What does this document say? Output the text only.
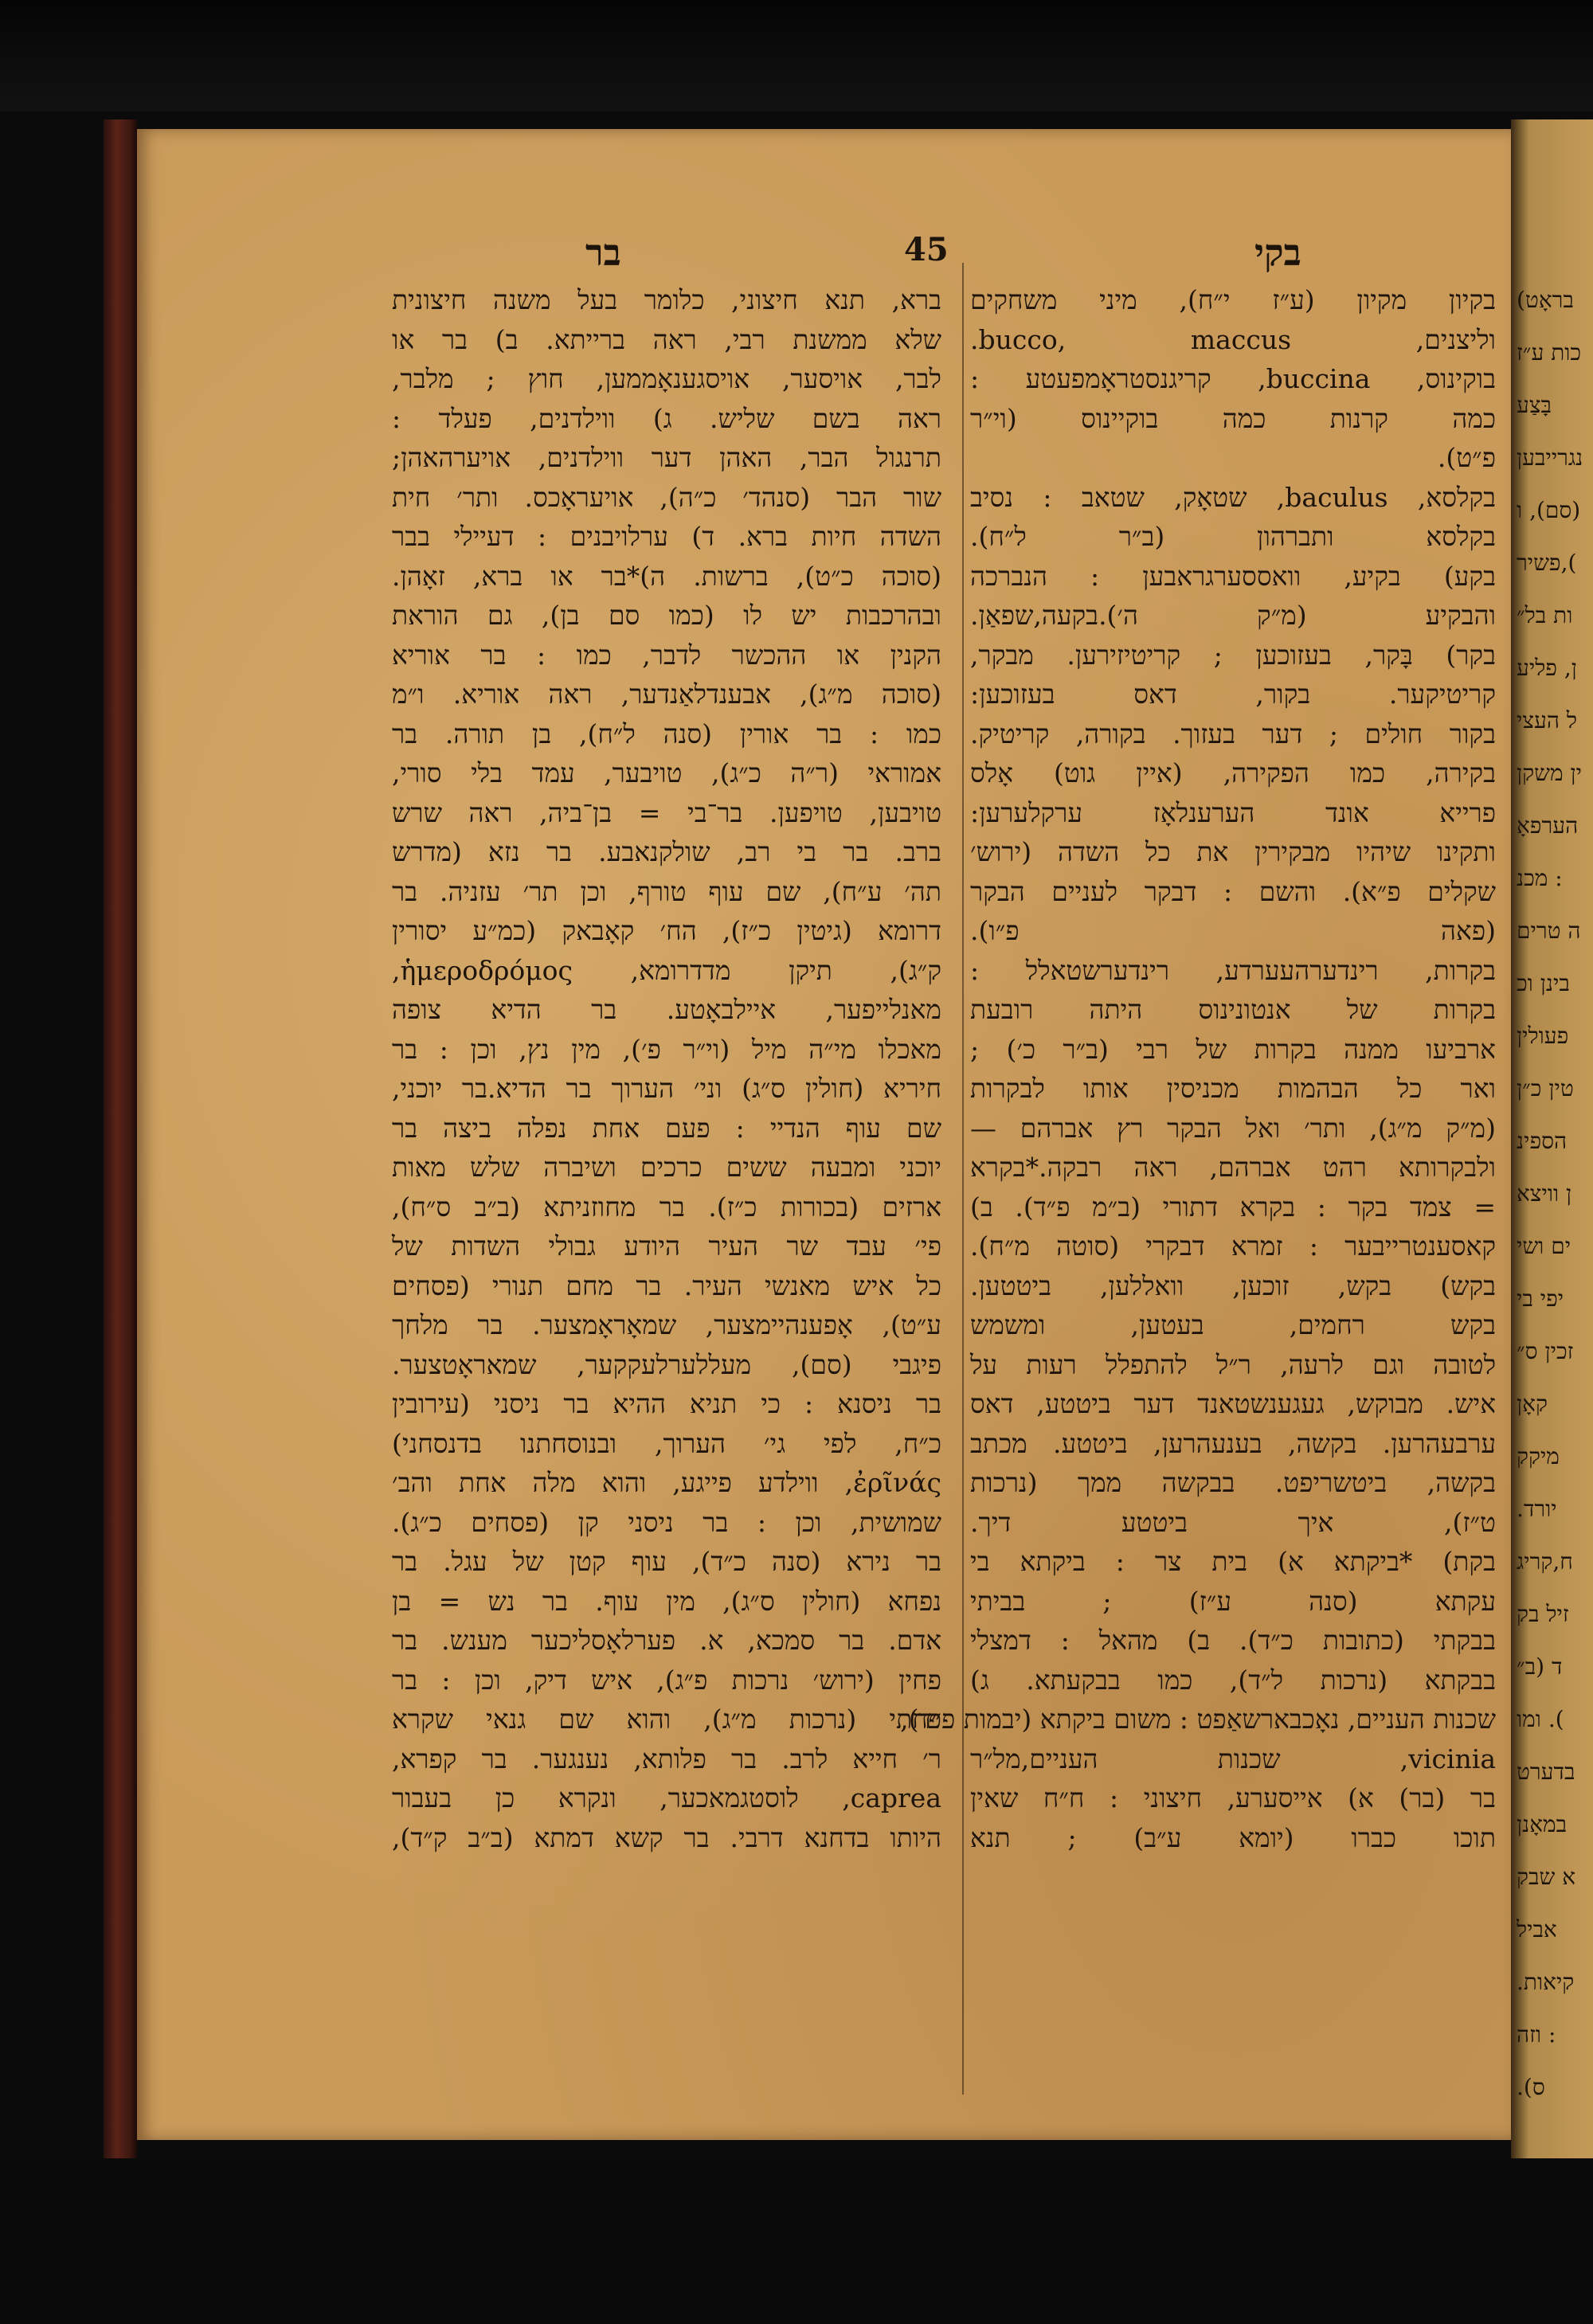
בר	45	בקי
ברא, תנא חיצוני, כלומר בעל משנה חיצונית
שלא ממשנת רבי, ראה ברייתא. ב) בר או
לבר, אויסער, אויסגענאָממען, חוץ ; מלבר,
ראה בשם שליש. ג) ווילדנים, פעלד :
תרנגול הבר, האהן דער ווילדנים, אויערהאהן;
שור הבר (סנהד׳ כ״ה), אויעראָכס. ותר׳ חית
השדה חיות ברא. ד) ערלויבנים : דעיילי בבר
(סוכה כ״ט), ברשות. ה)*בר או ברא, זאָהן.
ובהרכבות יש לו (כמו סם בן), גם הוראת
הקנין או ההכשר לדבר, כמו : בר אוריא
(סוכה מ״ג), אבענדלאַנדער, ראה אוריא. ו״מ
כמו : בר אורין (סנה ל״ח), בן תורה. בר
אמוראי (ר״ה כ״ג), טויבער, עמד בלי סורי,
טויבען, טויפען. בר־בי = בן־ביה, ראה שרש
ברב. בר בי רב, שולקנאבע. בר נזא (מדרש
תה׳ ע״ח), שם עוף טורף, וכן תר׳ עזניה. בר
דרומא (גיטין כ״ז), הח׳ קאָבאק (כמ״ע יסורין
ק״ג), תיקן מדדרומא, ἡμεροδρόμος,
מאנלייפער, איילבאָטע. בר הדיא צופה
מאכלו מי״ה מיל (וי״ר פ׳), מין נץ, וכן : בר
חיריא (חולין ס״ג) וני׳ הערוך בר הדיא.בר יוכני,
שם עוף הנדיי : פעם אחת נפלה ביצה בר
יוכני ומבעה ששים כרכים ושיברה שלש מאות
ארזים (בכורות כ״ז). בר מחוזניתא (ב״ב ס״ח),
פי׳ עבד שר העיר היודע גבולי השדות של
כל איש מאנשי העיר. בר מחם תנורי (פסחים
ע״ט), אָפענהיימצער, שמאָראָמצער. בר מלחך
פיגבי (סם), מעללערלעקקער, שמאראָטצער.
בר ניסנא : כי תניא ההיא בר ניסני (עירובין
כ״ח, לפי גי׳ הערוך, ובנוסחתנו בדנסחני)
ἐρῖνάς, ווילדע פייגע, והוא מלה אחת והב׳
שמושית, וכן : בר ניסני קן (פסחים כ״ג).
בר נירא (סנה כ״ד), עוף קטן של עגל. בר
נפחא (חולין ס״ג), מין עוף. בר נש = בן
אדם. בר סמכא, א. פערלאָסליכער מענש. בר
פחין (ירוש׳ נרכות פ״ג), איש דיק, וכן : בר
פחתי (נרכות מ״ג), והוא שם גנאי שקרא
ר׳ חייא לרב. בר פלותא, נענגער. בר קפרא,
caprea, לוסטגמאכער, ונקרא כן בעבור
היותו בדחנא דרבי. בר קשא דמתא (ב״ב ק״ד),
בקיון מקיון (ע״ז י״ח), מיני משחקים
וליצנים, bucco, maccus.
בוקינוס, buccina, קריגנסטראָמפעטע :
כמה קרנות כמה בוקיינוס (וי״ר
פ״ט).
בקלסא, baculus, שטאָק, שטאב : נסיב
בקלסא ותברהון (ב״ר ל״ח).
בקע) בקיע, וואססערגראבען : הנברכה
והבקיע (מ״ק ה׳).בקעה,שפאַן.
בקר) בָּקר, בעזוכען ; קריטיזירען. מבקר,
קריטיקער. בקור, דאס בעזוכען:
בקור חולים ; דער בעזוך. בקורה, קריטיק.
בקירה, כמו הפקירה, (איין גוט) אָלס
פרייא אונד הערענלאָז ערקלערען:
ותקינו שיהיו מבקירין את כל השדה (ירוש׳
שקלים פ״א). והשם : דבקר לעניים הבקר
(פאה פ״ו).
בקרות, רינדערהעערדע, רינדערשטאלל :
בקרות של אנטונינוס היתה רובעת
ארביעו ממנה בקרות של רבי (ב״ר כ׳) ;
ואר כל הבהמות מכניסין אותו לבקרות
(מ״ק מ״ג), ותר׳ ואל הבקר רץ אברהם —
ולבקרותא רהט אברהם, ראה רבקה.*בקרא
= צמד בקר : בקרא דתורי (ב״מ פ״ד). ב)
קאסענטרייבער : זמרא דבקרי (סוטה מ״ח).
בקש) בקש, זוכען, וואללען, ביטטען.
בקש רחמים, בעטען, ומשמש
לטובה וגם לרעה, ר״ל להתפלל רעות על
איש. מבוקש, געגענשטאנד דער ביטטע, דאס
ערבעהרען. בקשה, בענעהרען, ביטטע. מכתב
בקשה, ביטשריפט. בבקשה ממך (נרכות
ט״ז), איך ביטטע דיך.
בקת) *ביקתא א) בית צר : ביקתא בי
עקתא (סנה ע״ז) ; בביתי
בבקתי (כתובות כ״ד). ב) מהאל : דמצלי
בבקתא (נרכות ל״ד), כמו בבקעתא. ג)
שכנות העניים, נאָכבארשאַפט : משום ביקתא (יבמות פ״ד),
vicinia, שכנות העניים,מל״ר
בר (בר) א) אייסערע, חיצוני : ח״ח שאין
תוכו כברו (יומא ע״ב) ; תנא
בראָט)
כות ע״ז
בָּצַע
נגרייבען
(סם), ו
),פשיר
ות בל״
ן, פליע
ל העצי
ין משקן
הערפאָ
: מכנ
ה טרים
בינן וכ
פעולין
טין כ״ן
הספינ
ן וויצא
ים ושי
יפי בי
זכין ס״
קאָן
מיקק
יורד.
ח,קריג
זיל בק
ד (ב״
). ומו
בדערט
במאָנן
א שבק
אביל
קיאות.
: וזה
ס).
